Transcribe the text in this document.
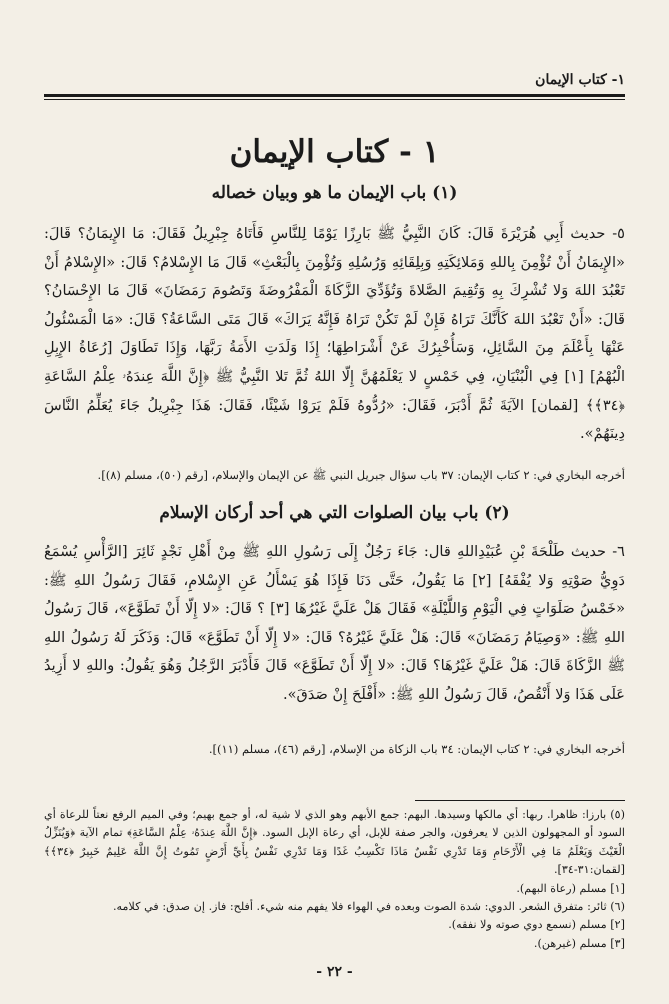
١- كتاب الإيمان
١ - كتاب الإيمان
(١) باب الإيمان ما هو وبيان خصاله
٥- حديث أَبِي هُرَيْرَةَ قَالَ: كَانَ النَّبِيُّ ﷺ بَارِزًا يَوْمًا لِلنَّاسِ فَأَتَاهُ جِبْرِيلُ فَقَالَ: مَا الإِيمَانُ؟ قَالَ: «الإِيمَانُ أَنْ تُؤْمِنَ بِاللهِ وَمَلائِكَتِهِ وَبِلِقَائِهِ وَرُسُلِهِ وَتُؤْمِنَ بِالْبَعْثِ» قَالَ مَا الإِسْلامُ؟ قَالَ: «الإِسْلامُ أَنْ تَعْبُدَ اللهَ وَلا تُشْرِكَ بِهِ وَتُقِيمَ الصَّلاةَ وَتُؤَدِّيَ الزَّكَاةَ الْمَفْرُوضَةَ وَتَصُومَ رَمَضَانَ» قَالَ مَا الإِحْسَانُ؟ قَالَ: «أَنْ تَعْبُدَ اللهَ كَأَنَّكَ تَرَاهُ فَإِنْ لَمْ تَكُنْ تَرَاهُ فَإِنَّهُ يَرَاكَ» قَالَ مَتَى السَّاعَةُ؟ قَالَ: «مَا الْمَسْئُولُ عَنْهَا بِأَعْلَمَ مِنَ السَّائِلِ، وَسَأُخْبِرُكَ عَنْ أَشْرَاطِهَا؛ إِذَا وَلَدَتِ الأَمَةُ رَبَّهَا، وَإِذَا تَطَاوَلَ [رُعَاةُ الإِبِلِ الْبُهْمُ] [١] فِي الْبُنْيَانِ، فِي خَمْسٍ لا يَعْلَمُهُنَّ إِلّا اللهُ ثُمَّ تَلا النَّبِيُّ ﷺ ﴿إِنَّ اللَّهَ عِندَهُۥ عِلْمُ السَّاعَةِ ﴿٣٤﴾﴾ [لقمان] الآيَةَ ثُمَّ أَدْبَرَ، فَقَالَ: «رُدُّوهُ فَلَمْ يَرَوْا شَيْئًا، فَقَالَ: هَذَا جِبْرِيلُ جَاءَ يُعَلِّمُ النَّاسَ دِينَهُمْ».
أخرجه البخاري في: ٢ كتاب الإيمان: ٣٧ باب سؤال جبريل النبي ﷺ عن الإيمان والإسلام، [رقم (٥٠)، مسلم (٨)].
(٢) باب بيان الصلوات التي هي أحد أركان الإسلام
٦- حديث طَلْحَةَ بْنِ عُبَيْدِاللهِ قال: جَاءَ رَجُلٌ إِلَى رَسُولِ اللهِ ﷺ مِنْ أَهْلِ نَجْدٍ ثَائِرَ [الرَّأْسِ يُسْمَعُ دَوِيُّ صَوْتِهِ وَلا يُفْقَهُ] [٢] مَا يَقُولُ، حَتَّى دَنَا فَإِذَا هُوَ يَسْأَلُ عَنِ الإِسْلامِ، فَقَالَ رَسُولُ اللهِ ﷺ: «خَمْسُ صَلَوَاتٍ فِي الْيَوْمِ وَاللَّيْلَةِ» فَقَالَ هَلْ عَلَيَّ غَيْرُهَا [٣] ؟ قَالَ: «لا إِلّا أَنْ تَطَوَّعَ»، قَالَ رَسُولُ اللهِ ﷺ: «وَصِيَامُ رَمَضَانَ» قَالَ: هَلْ عَلَيَّ غَيْرُهُ؟ قَالَ: «لا إِلّا أَنْ تَطَوَّعَ» قَالَ: وَذَكَرَ لَهُ رَسُولُ اللهِ ﷺ الزَّكَاةَ قَالَ: هَلْ عَلَيَّ غَيْرُهَا؟ قَالَ: «لا إِلّا أَنْ تَطَوَّعَ» قَالَ فَأَدْبَرَ الرَّجُلُ وَهُوَ يَقُولُ: واللهِ لا أَزِيدُ عَلَى هَذَا وَلا أَنْقُصُ، قَالَ رَسُولُ اللهِ ﷺ: «أَفْلَحَ إِنْ صَدَقَ».
أخرجه البخاري في: ٢ كتاب الإيمان: ٣٤ باب الزكاة من الإسلام، [رقم (٤٦)، مسلم (١١)].

(٥) بارزا: ظاهرا. ربها: أي مالكها وسيدها. البهم: جمع الأبهم وهو الذي لا شية له، أو جمع بهيم؛ وفي الميم الرفع نعتاً للرعاة أي السود أو المجهولون الذين لا يعرفون، والجر صفة للإبل، أي رعاة الإبل السود. ﴿إِنَّ اللَّهَ عِندَهُۥ عِلْمُ السَّاعَةِ﴾ تمام الآية ﴿وَيُنَزِّلُ الْغَيْثَ وَيَعْلَمُ مَا فِي الْأَرْحَامِ وَمَا تَدْرِي نَفْسٌ مَاذَا تَكْسِبُ غَدًا وَمَا تَدْرِي نَفْسٌ بِأَيِّ أَرْضٍ تَمُوتُ إِنَّ اللَّهَ عَلِيمٌ خَبِيرٌ ﴿٣٤﴾﴾ [لقمان:٣١-٣٤].

[١] مسلم (رعاة البهم).

(٦) ثائر: متفرق الشعر. الدوي: شدة الصوت وبعده في الهواء فلا يفهم منه شيء. أفلح: فاز. إن صدق: في كلامه.

[٢] مسلم (نسمع دوي صوته ولا نفقه).

[٣] مسلم (غيرهن).

- ٢٢ -
